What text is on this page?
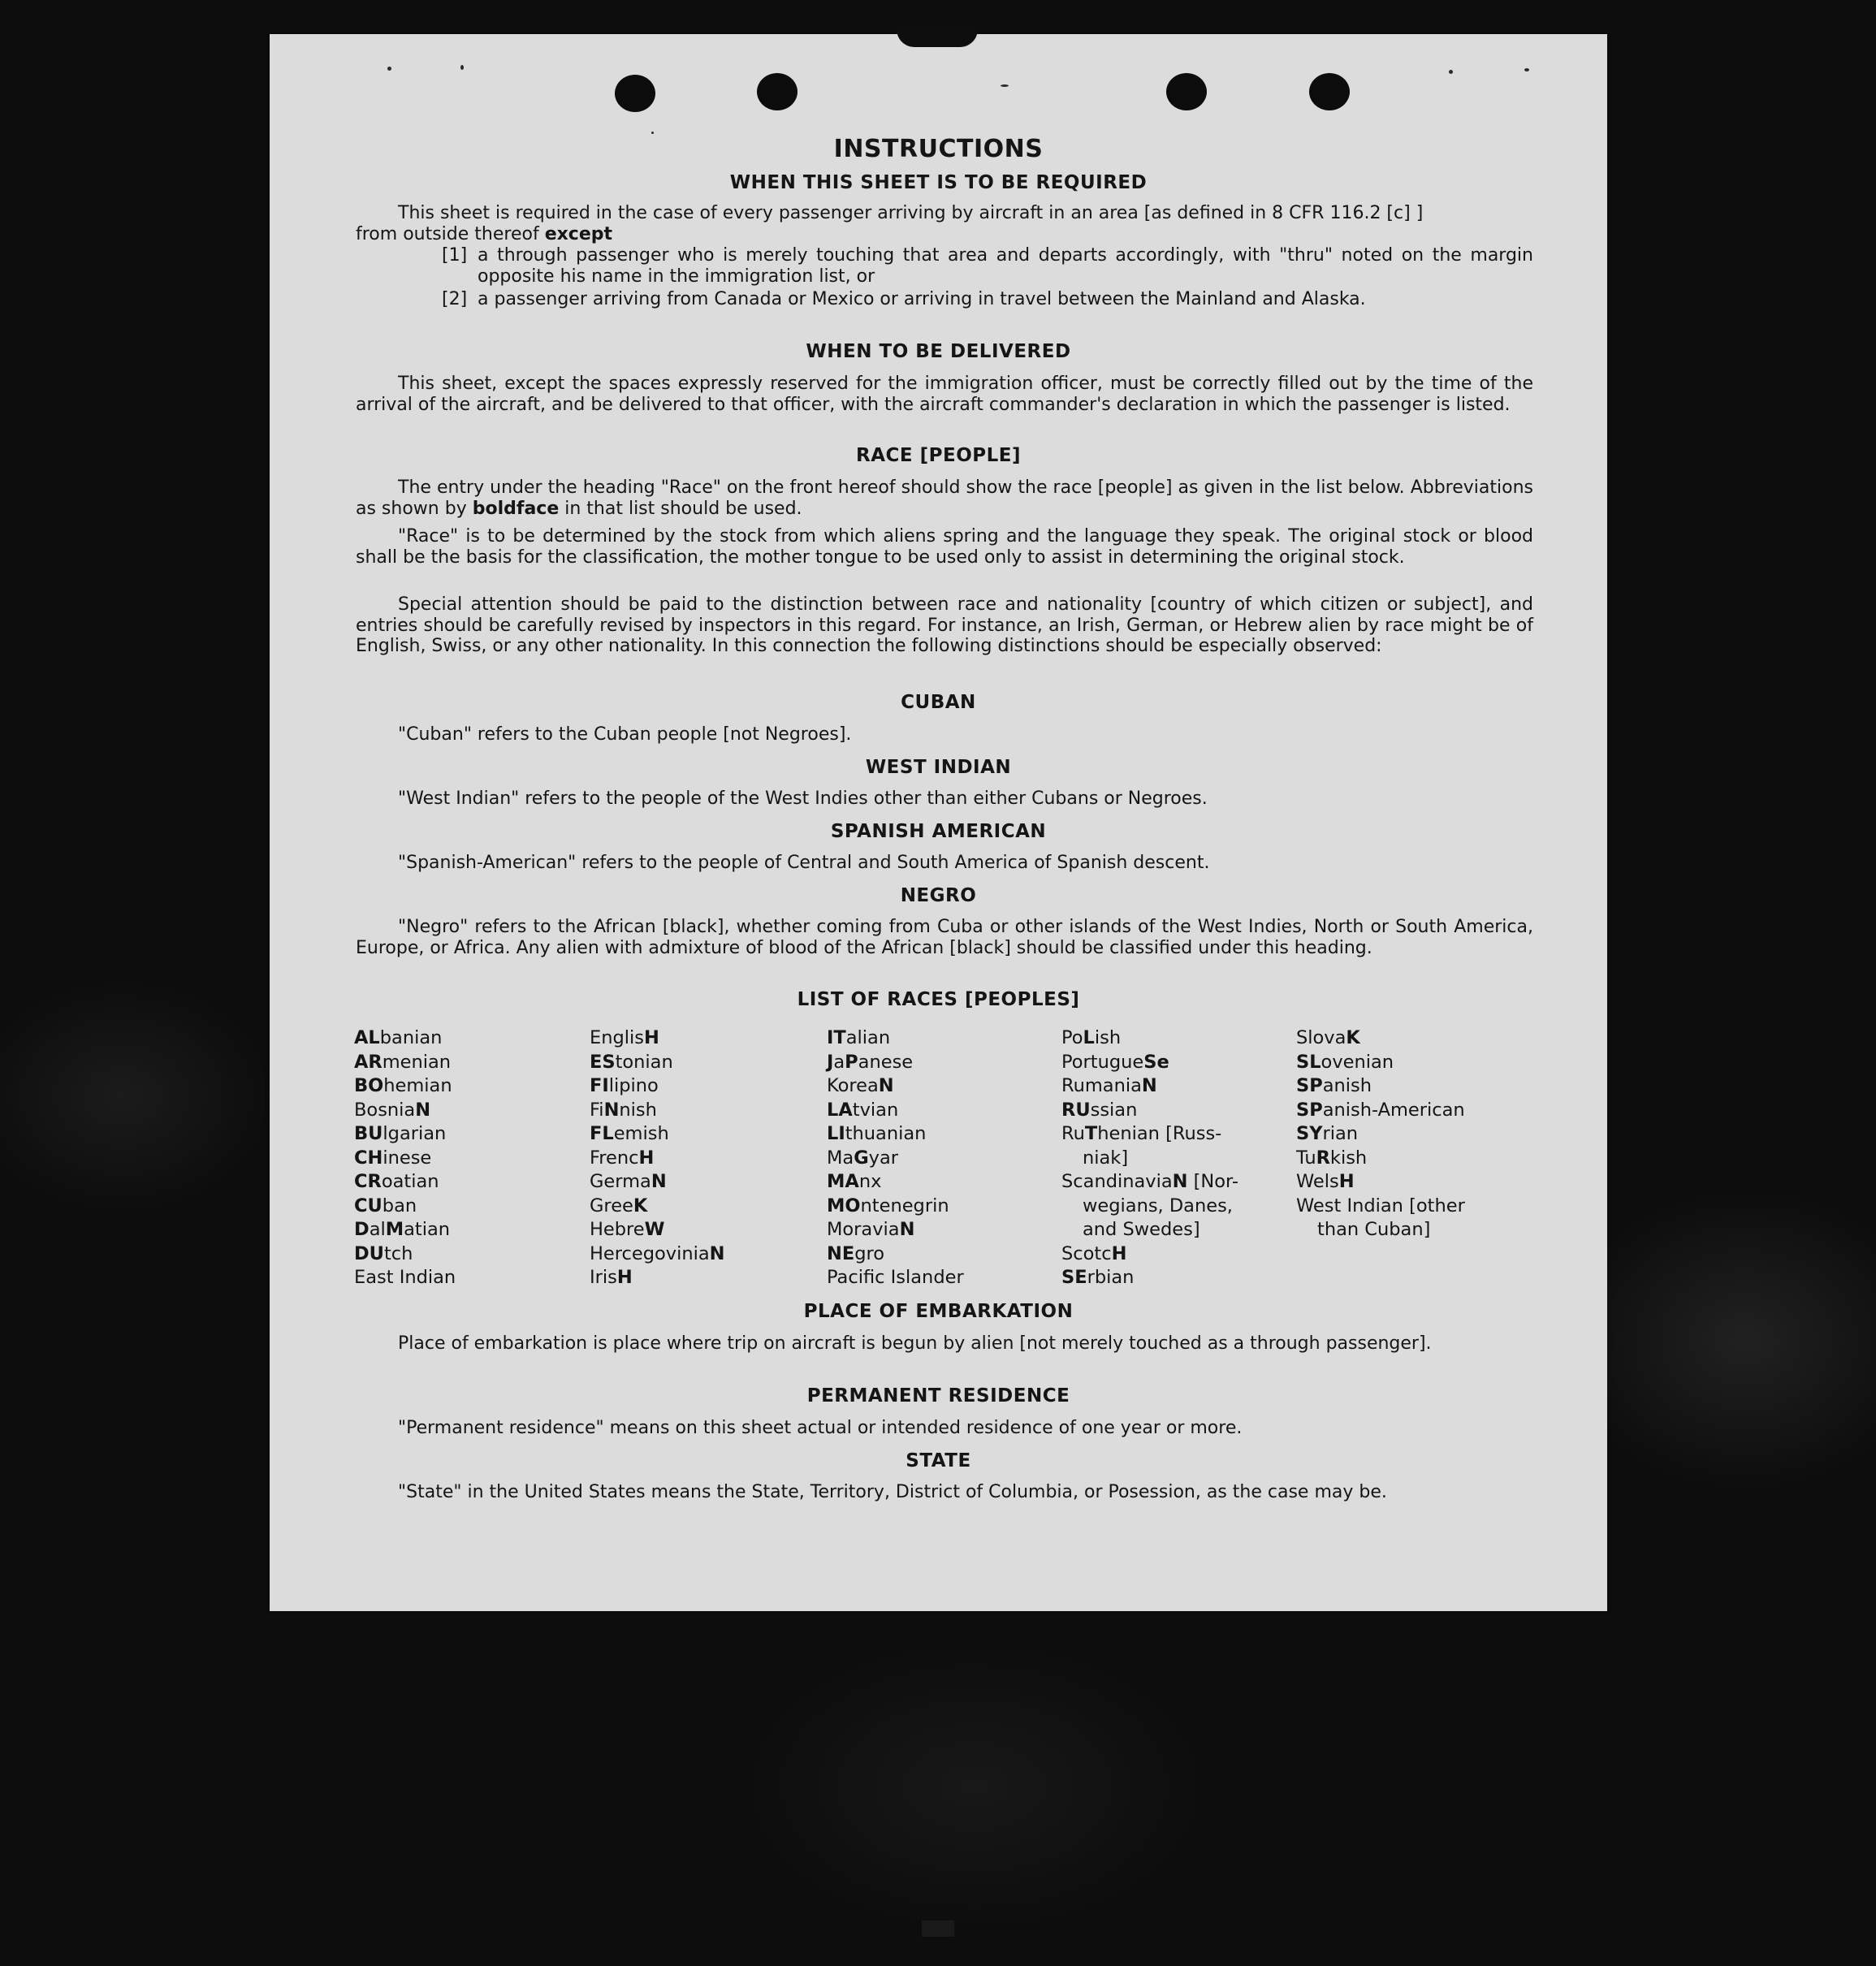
INSTRUCTIONS
WHEN THIS SHEET IS TO BE REQUIRED
This sheet is required in the case of every passenger arriving by aircraft in an area [as defined in 8 CFR 116.2 [c] ]
from outside thereof except
[1] a through passenger who is merely touching that area and departs accordingly, with "thru" noted on the margin opposite his name in the immigration list, or
[2] a passenger arriving from Canada or Mexico or arriving in travel between the Mainland and Alaska.
WHEN TO BE DELIVERED
This sheet, except the spaces expressly reserved for the immigration officer, must be correctly filled out by the time of the arrival of the aircraft, and be delivered to that officer, with the aircraft commander's declaration in which the passenger is listed.
RACE [PEOPLE]
The entry under the heading "Race" on the front hereof should show the race [people] as given in the list below. Abbreviations as shown by boldface in that list should be used.
"Race" is to be determined by the stock from which aliens spring and the language they speak. The original stock or blood shall be the basis for the classification, the mother tongue to be used only to assist in determining the original stock.
Special attention should be paid to the distinction between race and nationality [country of which citizen or subject], and entries should be carefully revised by inspectors in this regard. For instance, an Irish, German, or Hebrew alien by race might be of English, Swiss, or any other nationality. In this connection the following distinctions should be especially observed:
CUBAN
"Cuban" refers to the Cuban people [not Negroes].
WEST INDIAN
"West Indian" refers to the people of the West Indies other than either Cubans or Negroes.
SPANISH AMERICAN
"Spanish-American" refers to the people of Central and South America of Spanish descent.
NEGRO
"Negro" refers to the African [black], whether coming from Cuba or other islands of the West Indies, North or South America, Europe, or Africa. Any alien with admixture of blood of the African [black] should be classified under this heading.
LIST OF RACES [PEOPLES]
ALbanian
ARmenian
BOhemian
BosniaN
BUlgarian
CHinese
CRoatian
CUban
DalMatian
DUtch
East Indian
EnglisH
EStonian
FIlipino
FiNnish
FLemish
FrencH
GermaN
GreeK
HebreW
HercegoviniaN
IrisH
ITalian
JaPanese
KoreaN
LAtvian
LIthuanian
MaGyar
MAnx
MOntenegrin
MoraviaN
NEgro
Pacific Islander
PoLish
PortugueSe
RumaniaN
RUssian
RuThenian [Russ-
niak]
ScandinaviaN [Nor-
wegians, Danes,
and Swedes]
ScotcH
SErbian
SlovaK
SLovenian
SPanish
SPanish-American
SYrian
TuRkish
WelsH
West Indian [other
than Cuban]
PLACE OF EMBARKATION
Place of embarkation is place where trip on aircraft is begun by alien [not merely touched as a through passenger].
PERMANENT RESIDENCE
"Permanent residence" means on this sheet actual or intended residence of one year or more.
STATE
"State" in the United States means the State, Territory, District of Columbia, or Posession, as the case may be.
